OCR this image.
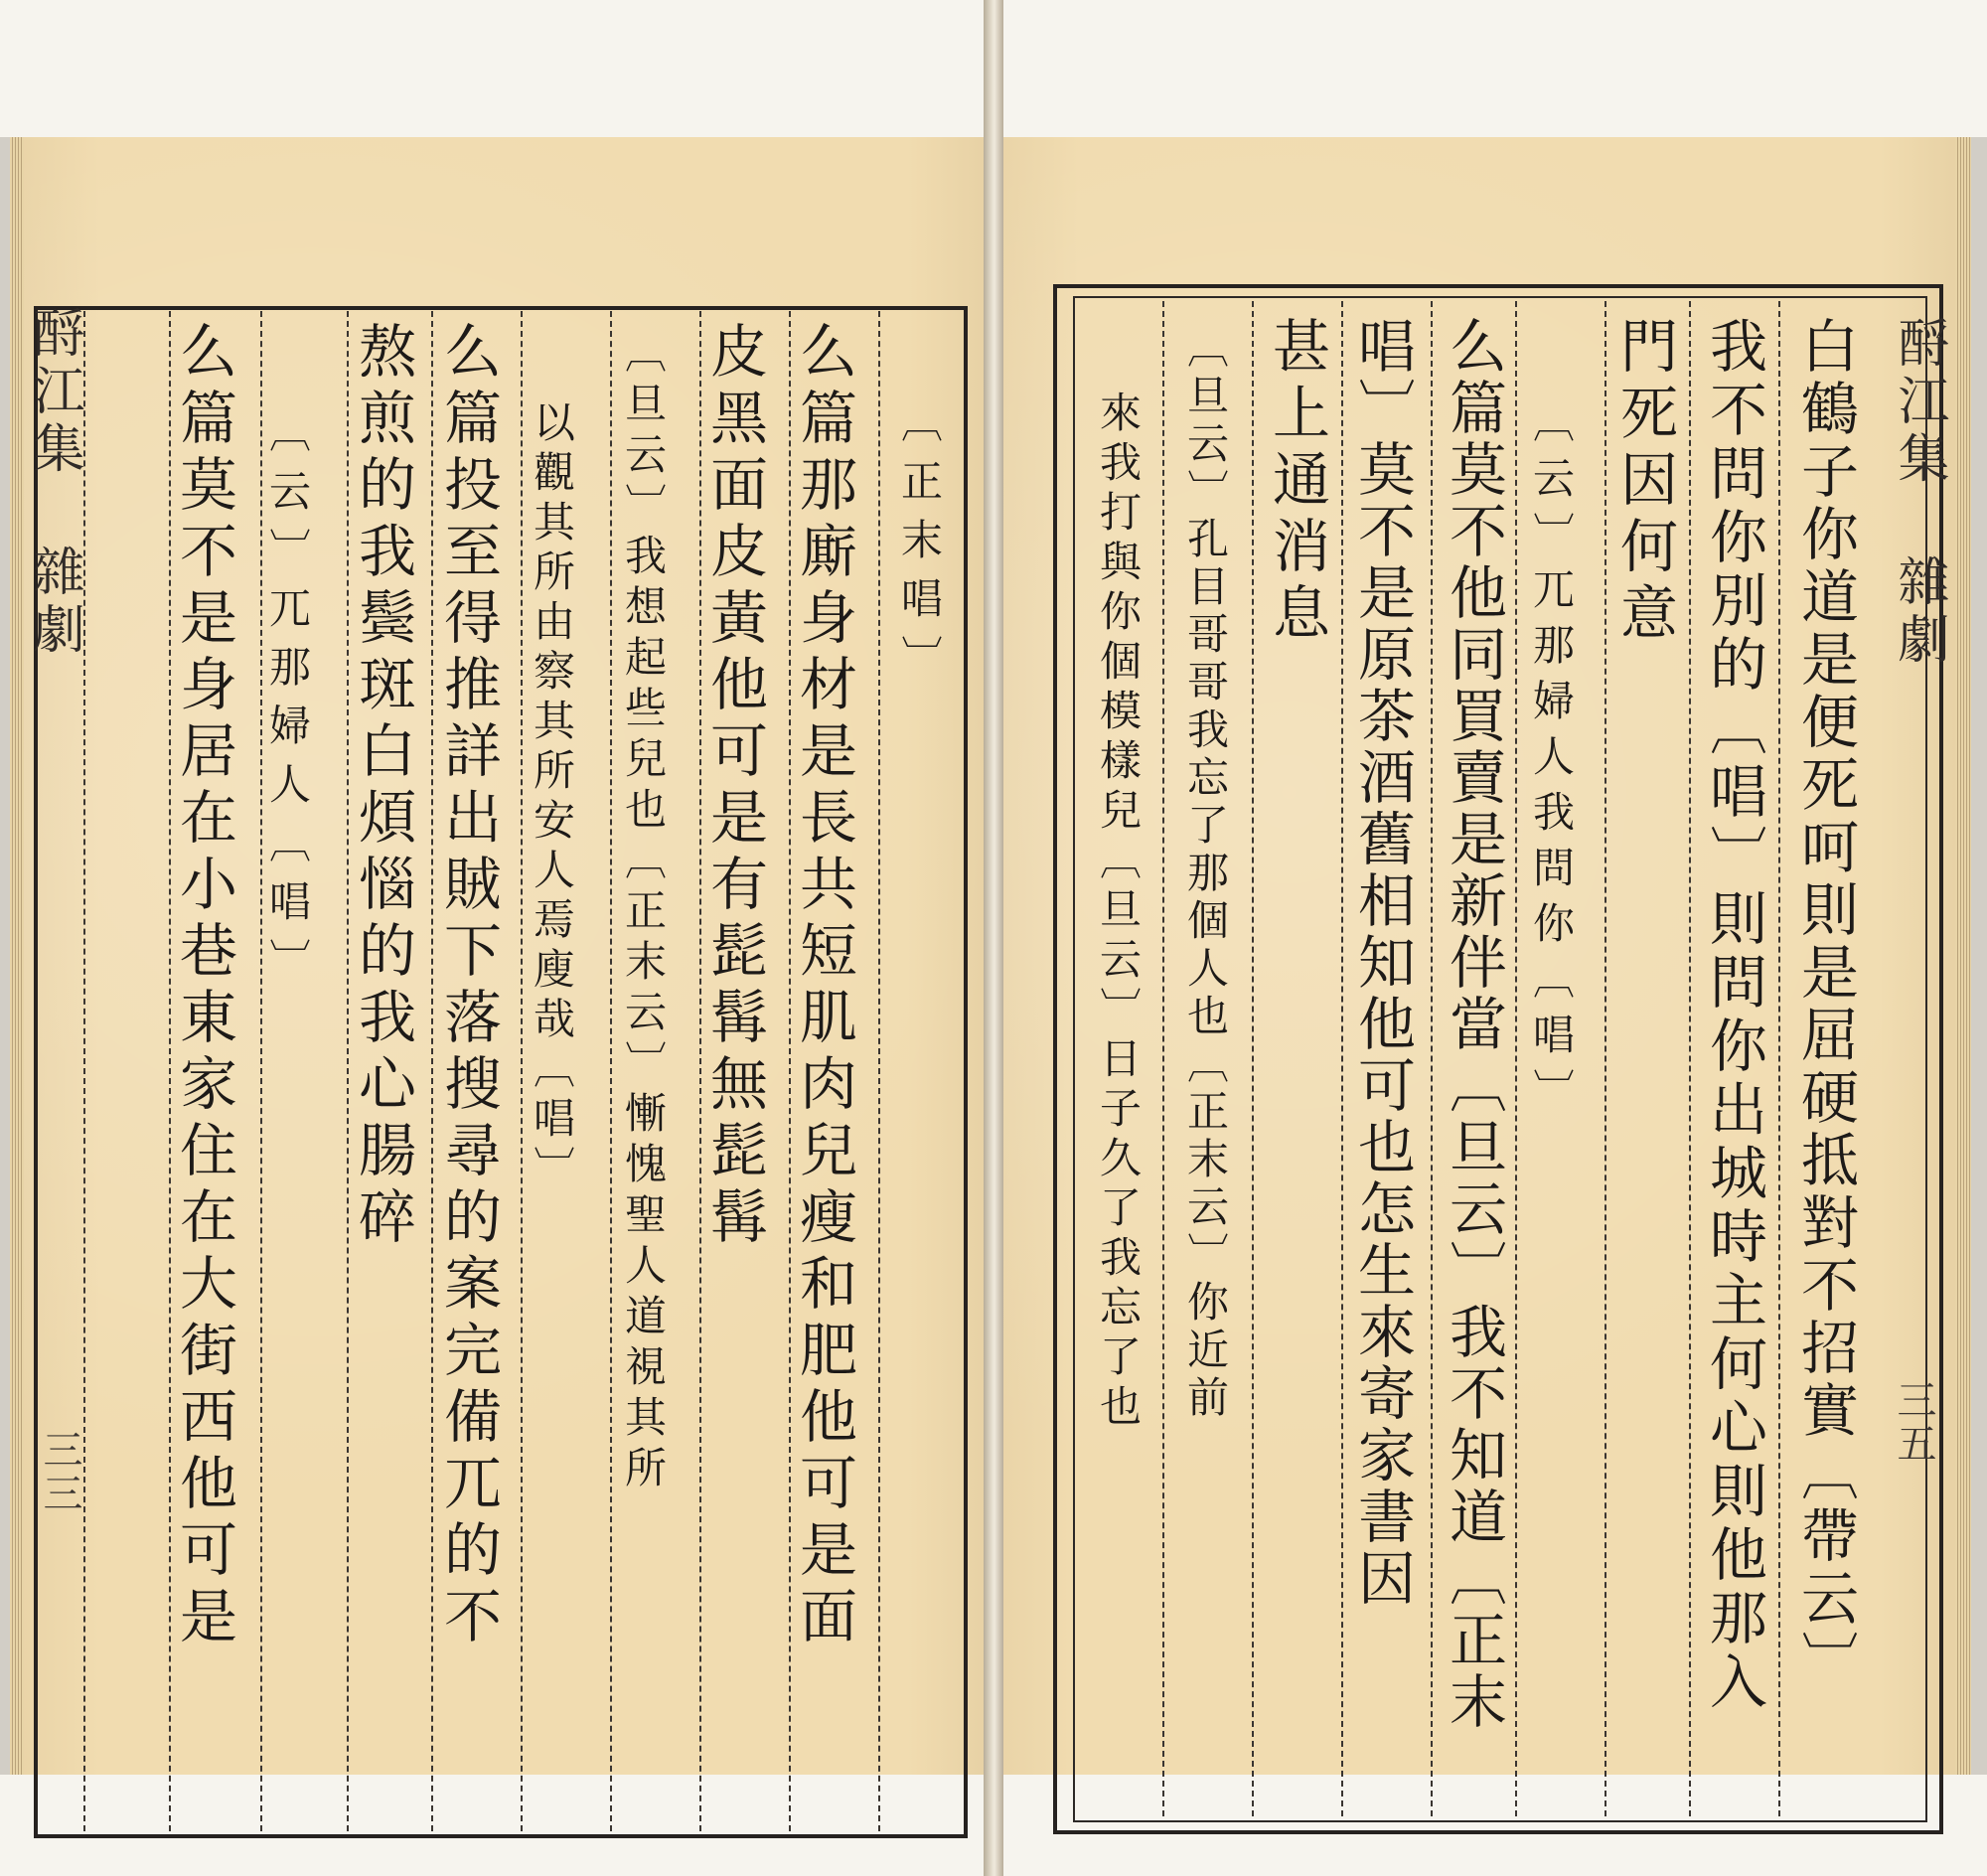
酹江集 雜劇
三三
〔正末唱〕
么篇那廝身材是長共短肌肉兒瘦和肥他可是面
皮黑面皮黃他可是有髭髯無髭髯
〔旦云〕我想起些兒也〔正末云〕慚愧聖人道視其所
以觀其所由察其所安人焉廋哉〔唱〕
么篇投至得推詳出賊下落搜尋的案完備兀的不
熬煎的我鬓斑白煩惱的我心腸碎
〔云〕兀那婦人〔唱〕
么篇莫不是身居在小巷東家住在大街西他可是	酹江集 雜劇
三五
白鶴子你道是便死呵則是屈硬抵對不招實〔帶云〕
我不問你別的〔唱〕則問你出城時主何心則他那入
門死因何意
〔云〕兀那婦人我問你〔唱〕
么篇莫不他同買賣是新伴當〔旦云〕我不知道〔正末
唱〕莫不是原茶酒舊相知他可也怎生來寄家書因
甚上通消息
〔旦云〕孔目哥哥我忘了那個人也〔正末云〕你近前
來我打與你個模樣兒〔旦云〕日子久了我忘了也
